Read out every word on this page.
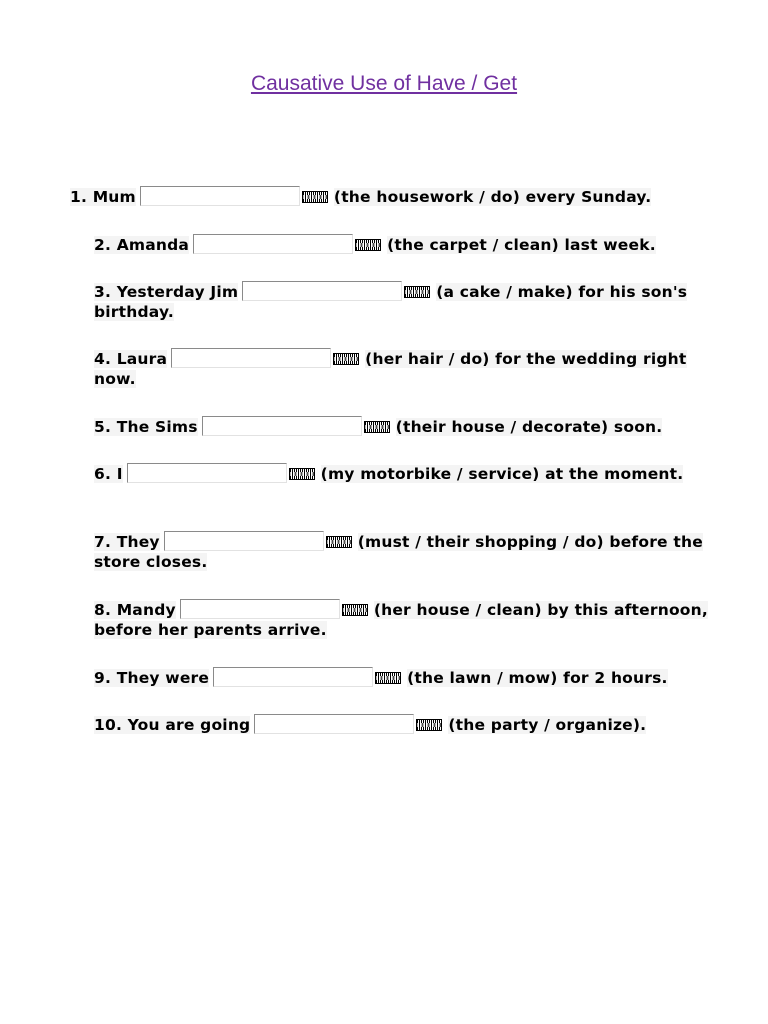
Causative Use of Have / Get
1. Mum	(the housework / do) every Sunday.
2. Amanda	(the carpet / clean) last week.
3. Yesterday Jim	(a cake / make) for his son's birthday.
4. Laura	(her hair / do) for the wedding right now.
5. The Sims	(their house / decorate) soon.
6. I	(my motorbike / service) at the moment.
7. They	(must / their shopping / do) before the store closes.
8. Mandy	(her house / clean) by this afternoon, before her parents arrive.
9. They were	(the lawn / mow) for 2 hours.
10. You are going	(the party / organize).
